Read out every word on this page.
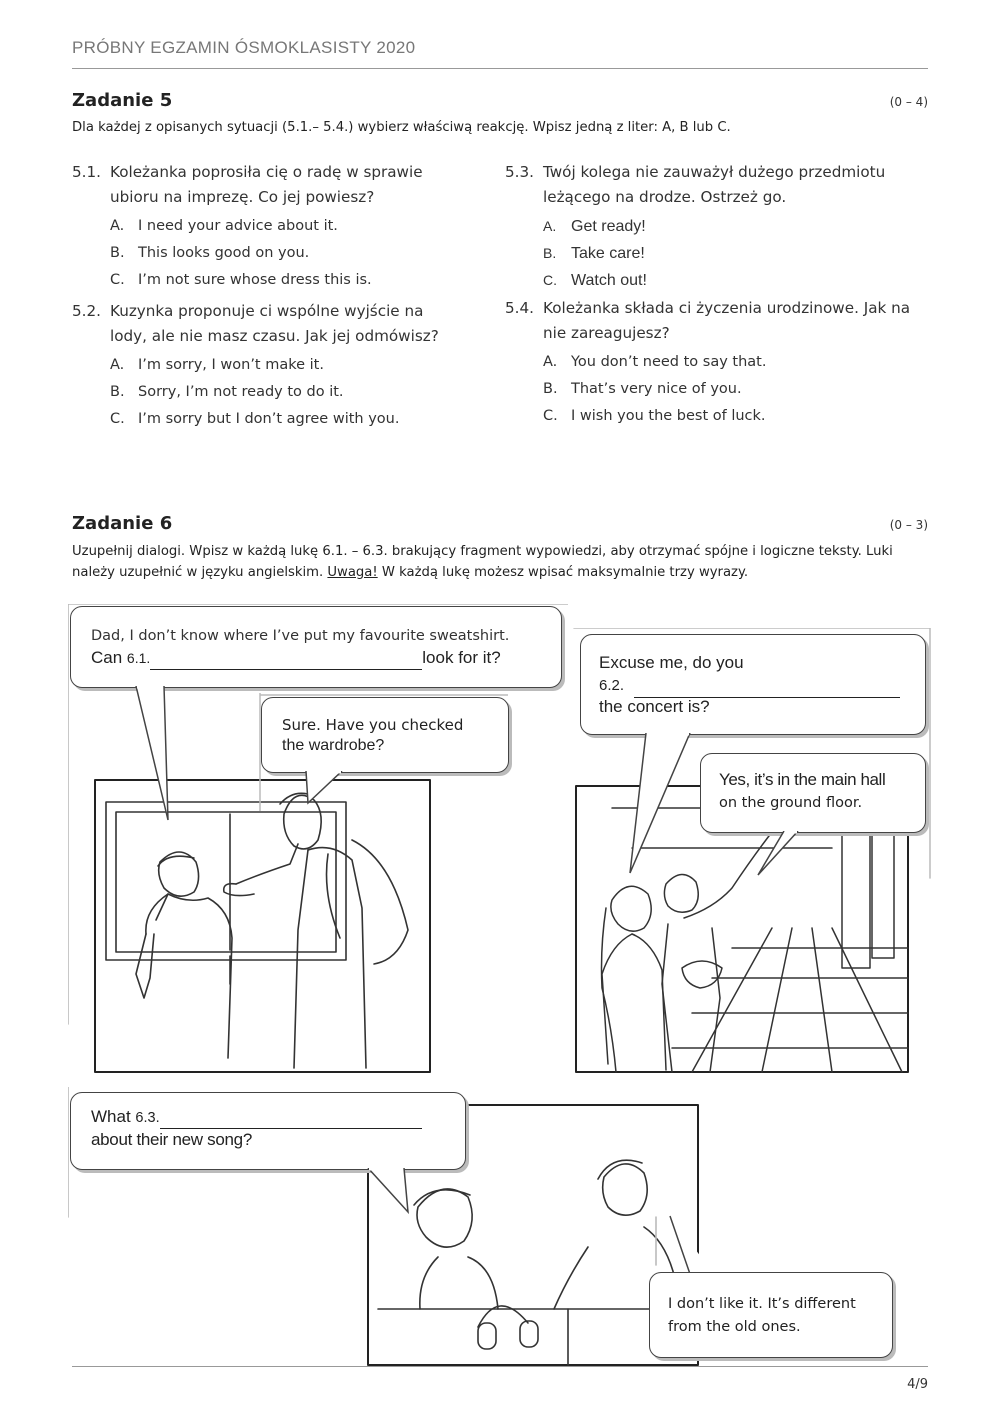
PRÓBNY EGZAMIN ÓSMOKLASISTY 2020
Zadanie 5	(0 – 4)
Dla każdej z opisanych sytuacji (5.1.– 5.4.) wybierz właściwą reakcję. Wpisz jedną z liter: A, B lub C.
5.1. Koleżanka poprosiła cię o radę w sprawie ubioru na imprezę. Co jej powiesz?
A. I need your advice about it.
B. This looks good on you.
C. I’m not sure whose dress this is.
5.2. Kuzynka proponuje ci wspólne wyjście na lody, ale nie masz czasu. Jak jej odmówisz?
A. I’m sorry, I won’t make it.
B. Sorry, I’m not ready to do it.
C. I’m sorry but I don’t agree with you.
5.3. Twój kolega nie zauważył dużego przedmiotu leżącego na drodze. Ostrzeż go.
A. Get ready!
B. Take care!
C. Watch out!
5.4. Koleżanka składa ci życzenia urodzinowe. Jak na nie zareagujesz?
A. You don’t need to say that.
B. That’s very nice of you.
C. I wish you the best of luck.
Zadanie 6	(0 – 3)
Uzupełnij dialogi. Wpisz w każdą lukę 6.1. – 6.3. brakujący fragment wypowiedzi, aby otrzymać spójne i logiczne teksty. Luki należy uzupełnić w języku angielskim. Uwaga! W każdą lukę możesz wpisać maksymalnie trzy wyrazy.
Dad, I don’t know where I’ve put my favourite sweatshirt.
Can 6.1.	look for it?
Sure. Have you checked
the wardrobe?
Excuse me, do you
6.2.
the concert is?
Yes, it’s in the main hall
on the ground floor.
What 6.3.
about their new song?
I don’t like it. It’s different
from the old ones.
4/9
